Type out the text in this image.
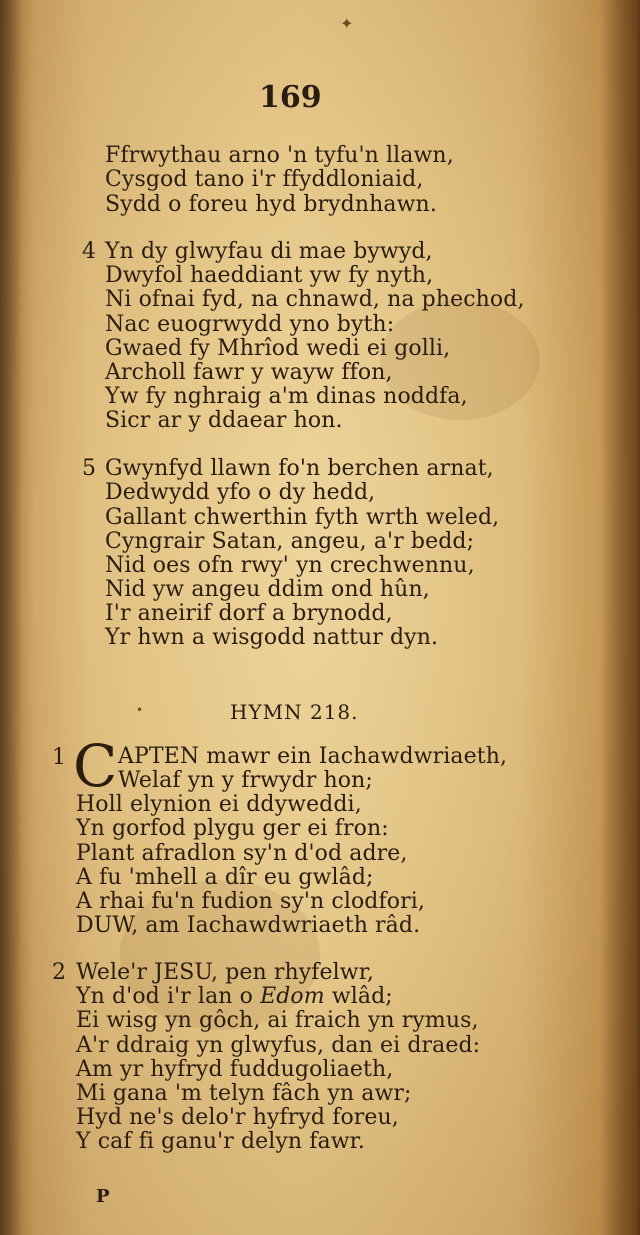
✦
•
169
Ffrwythau arno 'n tyfu'n llawn,
Cysgod tano i'r ffyddloniaid,
Sydd o foreu hyd brydnhawn.
4 Yn dy glwyfau di mae bywyd,
Dwyfol haeddiant yw fy nyth,
Ni ofnai fyd, na chnawd, na phechod,
Nac euogrwydd yno byth:
Gwaed fy Mhrîod wedi ei golli,
Archoll fawr y wayw ffon,
Yw fy nghraig a'm dinas noddfa,
Sicr ar y ddaear hon.
5 Gwynfyd llawn fo'n berchen arnat,
Dedwydd yfo o dy hedd,
Gallant chwerthin fyth wrth weled,
Cyngrair Satan, angeu, a'r bedd;
Nid oes ofn rwy' yn crechwennu,
Nid yw angeu ddim ond hûn,
I'r aneirif dorf a brynodd,
Yr hwn a wisgodd nattur dyn.
HYMN 218.
1 C APTEN mawr ein Iachawdwriaeth,
Welaf yn y frwydr hon;
Holl elynion ei ddyweddi,
Yn gorfod plygu ger ei fron:
Plant afradlon sy'n d'od adre,
A fu 'mhell a dîr eu gwlâd;
A rhai fu'n fudion sy'n clodfori,
DUW, am Iachawdwriaeth râd.
2 Wele'r JESU, pen rhyfelwr,
Yn d'od i'r lan o Edom wlâd;
Ei wisg yn gôch, ai fraich yn rymus,
A'r ddraig yn glwyfus, dan ei draed:
Am yr hyfryd fuddugoliaeth,
Mi gana 'm telyn fâch yn awr;
Hyd ne's delo'r hyfryd foreu,
Y caf fi ganu'r delyn fawr.
P
